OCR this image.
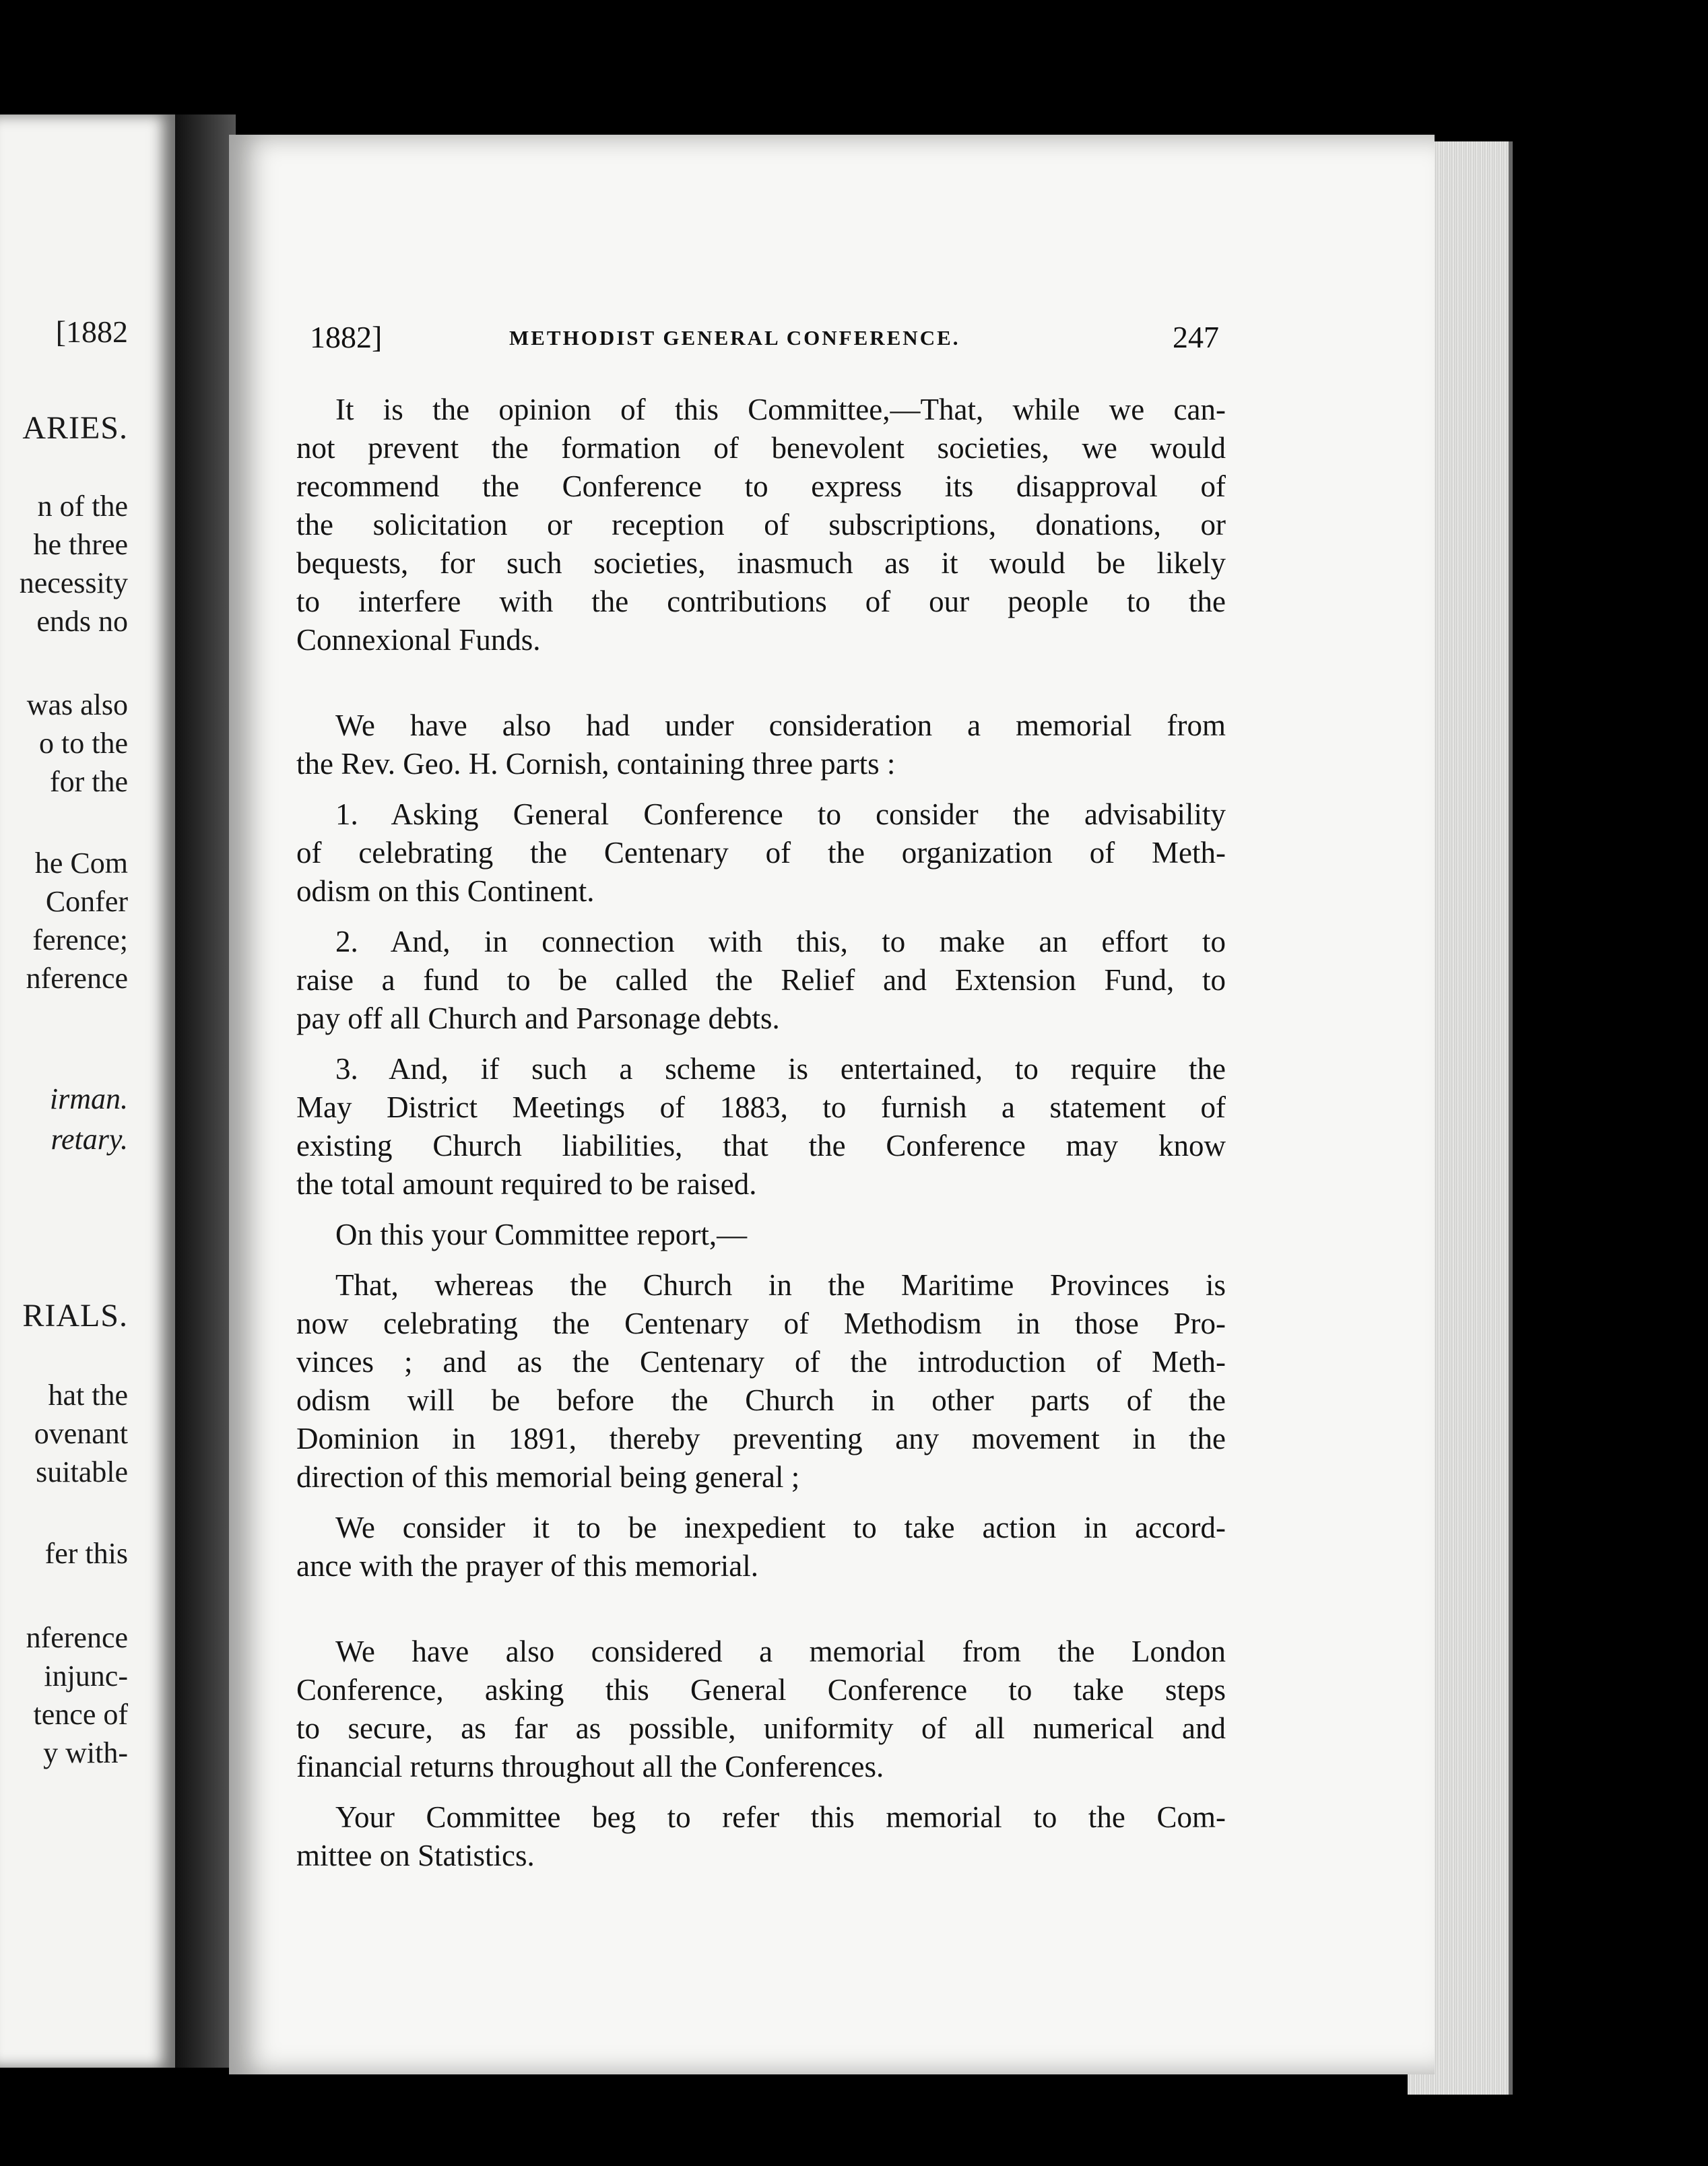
[1882
ARIES.
n of the
he three
necessity
ends no
was also
o to the
for the
he Com
Confer
ference;
nference
irman.
retary.
RIALS.
hat the
ovenant
suitable
fer this
nference
injunc-
tence of
y with-
1882]	METHODIST GENERAL CONFERENCE.	247
It is the opinion of this Committee,—That, while we can-
not prevent the formation of benevolent societies, we would
recommend the Conference to express its disapproval of
the solicitation or reception of subscriptions, donations, or
bequests, for such societies, inasmuch as it would be likely
to interfere with the contributions of our people to the
Connexional Funds.
We have also had under consideration a memorial from
the Rev. Geo. H. Cornish, containing three parts :
1. Asking General Conference to consider the advisability
of celebrating the Centenary of the organization of Meth-
odism on this Continent.
2. And, in connection with this, to make an effort to
raise a fund to be called the Relief and Extension Fund, to
pay off all Church and Parsonage debts.
3. And, if such a scheme is entertained, to require the
May District Meetings of 1883, to furnish a statement of
existing Church liabilities, that the Conference may know
the total amount required to be raised.
On this your Committee report,—
That, whereas the Church in the Maritime Provinces is
now celebrating the Centenary of Methodism in those Pro-
vinces ; and as the Centenary of the introduction of Meth-
odism will be before the Church in other parts of the
Dominion in 1891, thereby preventing any movement in the
direction of this memorial being general ;
We consider it to be inexpedient to take action in accord-
ance with the prayer of this memorial.
We have also considered a memorial from the London
Conference, asking this General Conference to take steps
to secure, as far as possible, uniformity of all numerical and
financial returns throughout all the Conferences.
Your Committee beg to refer this memorial to the Com-
mittee on Statistics.
